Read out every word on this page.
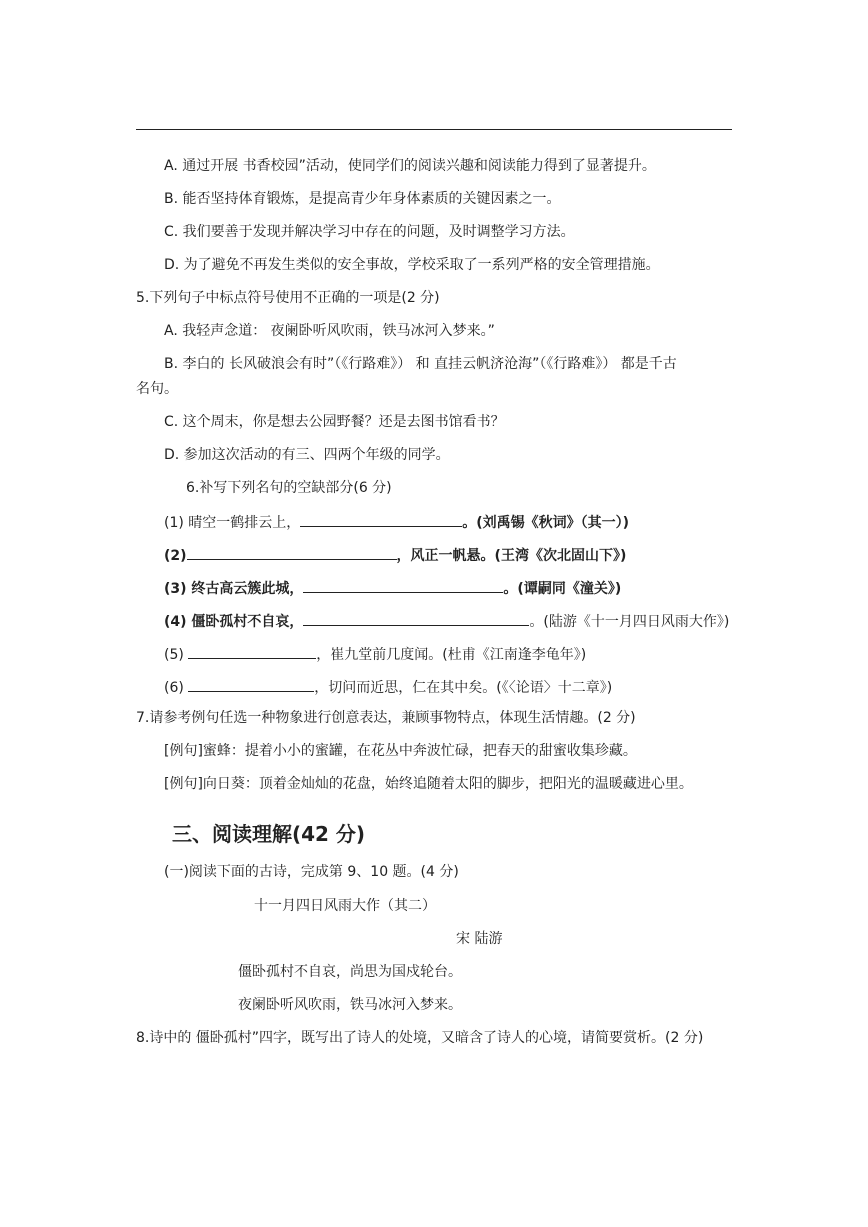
A. 通过开展 书香校园”活动，使同学们的阅读兴趣和阅读能力得到了显著提升。
B. 能否坚持体育锻炼，是提高青少年身体素质的关键因素之一。
C. 我们要善于发现并解决学习中存在的问题，及时调整学习方法。
D. 为了避免不再发生类似的安全事故，学校采取了一系列严格的安全管理措施。
5.下列句子中标点符号使用不正确的一项是(2 分)
A. 我轻声念道： 夜阑卧听风吹雨，铁马冰河入梦来。”
B. 李白的 长风破浪会有时”（《行路难》） 和 直挂云帆济沧海”（《行路难》） 都是千古
名句。
C. 这个周末，你是想去公园野餐？还是去图书馆看书？
D. 参加这次活动的有三、四两个年级的同学。
6.补写下列名句的空缺部分(6 分)
(1) 晴空一鹤排云上，	。(刘禹锡《秋词》（其一）)
(2)	，风正一帆悬。(王湾《次北固山下》)
(3) 终古高云簇此城，	。(谭嗣同《潼关》)
(4) 僵卧孤村不自哀，	。(陆游《十一月四日风雨大作》)
(5)	，崔九堂前几度闻。(杜甫《江南逢李龟年》)
(6)	，切问而近思，仁在其中矣。(《〈论语〉十二章》)
7.请参考例句任选一种物象进行创意表达，兼顾事物特点，体现生活情趣。(2 分)
[例句]蜜蜂：提着小小的蜜罐，在花丛中奔波忙碌，把春天的甜蜜收集珍藏。
[例句]向日葵：顶着金灿灿的花盘，始终追随着太阳的脚步，把阳光的温暖藏进心里。
三、阅读理解(42 分)
(一)阅读下面的古诗，完成第 9、10 题。(4 分)
十一月四日风雨大作（其二）
宋 陆游
僵卧孤村不自哀，尚思为国戍轮台。
夜阑卧听风吹雨，铁马冰河入梦来。
8.诗中的 僵卧孤村”四字，既写出了诗人的处境，又暗含了诗人的心境，请简要赏析。(2 分)
